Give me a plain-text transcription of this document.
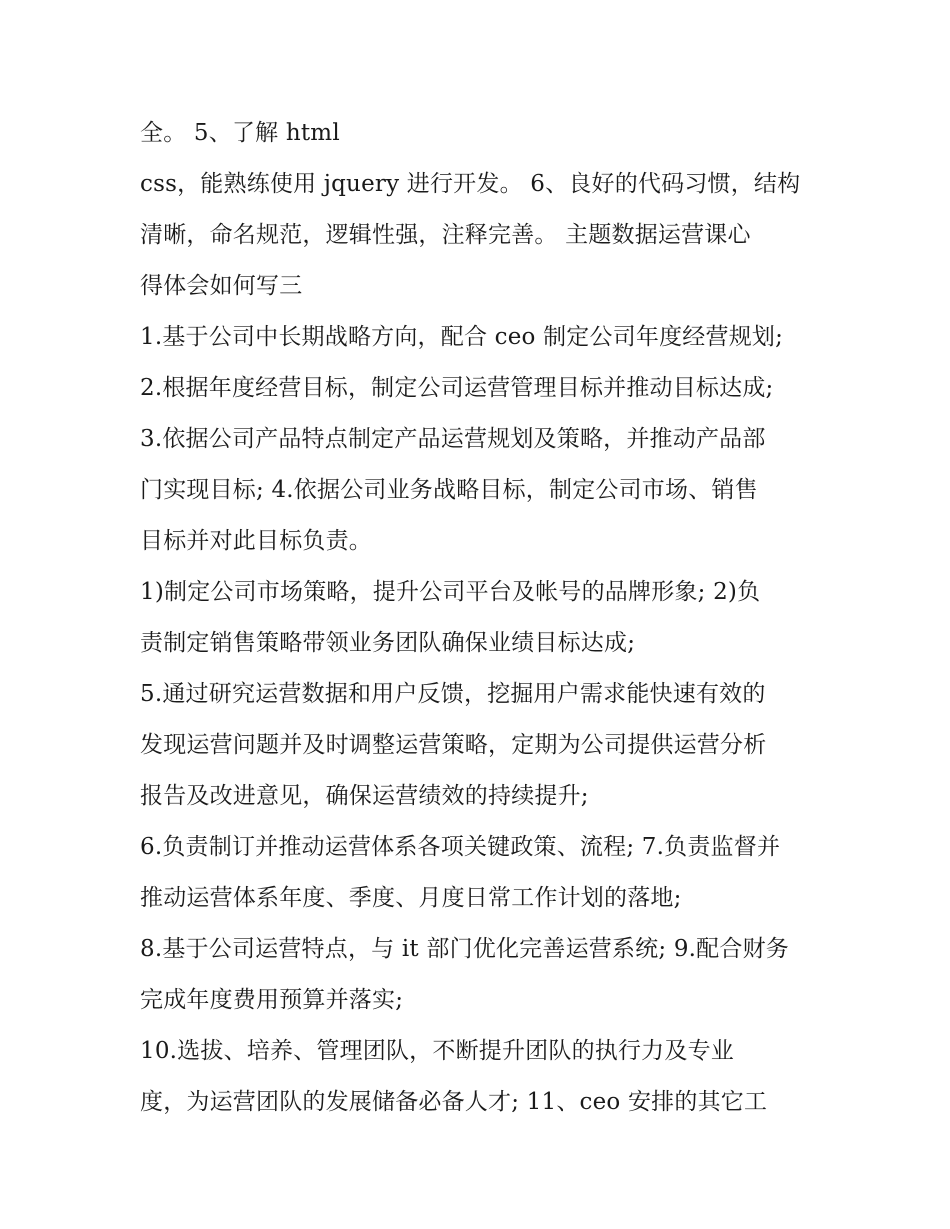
全。 5、了解 html
css，能熟练使用 jquery 进行开发。 6、良好的代码习惯，结构
清晰，命名规范，逻辑性强，注释完善。 主题数据运营课心
得体会如何写三
1.基于公司中长期战略方向，配合 ceo 制定公司年度经营规划;
2.根据年度经营目标，制定公司运营管理目标并推动目标达成;
3.依据公司产品特点制定产品运营规划及策略，并推动产品部
门实现目标; 4.依据公司业务战略目标，制定公司市场、销售
目标并对此目标负责。
1)制定公司市场策略，提升公司平台及帐号的品牌形象; 2)负
责制定销售策略带领业务团队确保业绩目标达成;
5.通过研究运营数据和用户反馈，挖掘用户需求能快速有效的
发现运营问题并及时调整运营策略，定期为公司提供运营分析
报告及改进意见，确保运营绩效的持续提升;
6.负责制订并推动运营体系各项关键政策、流程; 7.负责监督并
推动运营体系年度、季度、月度日常工作计划的落地;
8.基于公司运营特点，与 it 部门优化完善运营系统; 9.配合财务
完成年度费用预算并落实;
10.选拔、培养、管理团队，不断提升团队的执行力及专业
度，为运营团队的发展储备必备人才; 11、ceo 安排的其它工
